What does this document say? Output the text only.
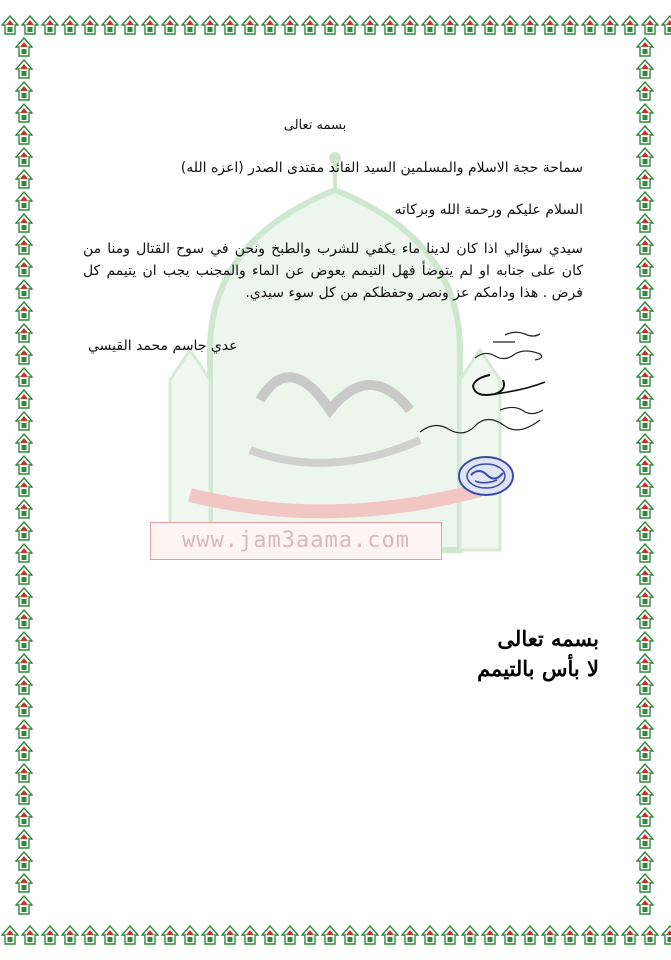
www.jam3aama.com
بسمه تعالى
سماحة حجة الاسلام والمسلمين السيد القائد مقتدى الصدر (اعزه الله)
السلام عليكم ورحمة الله وبركاته
سيدي سؤالي اذا كان لدينا ماء يكفي للشرب والطبخ ونحن في سوح القتال ومنا من كان على جنابه او لم يتوضأ فهل التيمم يعوض عن الماء والمجنب يجب ان يتيمم كل فرض . هذا ودامكم عز ونصر وحفظكم من كل سوء سيدي.
عدي جاسم محمد القيسي
بسمه تعالى
لا بأس بالتيمم
